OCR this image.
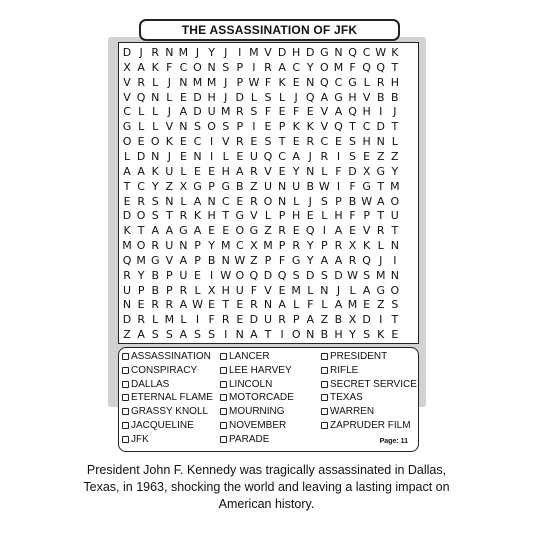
D J R N M J Y J I M V D H D G N Q C W K
X A K F C O N S P I R A C Y O M F Q Q T
V R L J N M M J P W F K E N Q C G L R H
V Q N L E D H J D L S L J Q A G H V B B
C L L J A D U M R S F E F E V A Q H I J
G L L V N S O S P I E P K K V Q T C D T
O E O K E C I V R E S T E R C E S H N L
L D N J E N I L E U Q C A J R I S E Z Z
A A K U L E E H A R V E Y N L F D X G Y
T C Y Z X G P G B Z U N U B W I F G T M
E R S N L A N C E R O N L J S P B W A O
D O S T R K H T G V L P H E L H F P T U
K T A A G A E E O G Z R E Q I A E V R T
M O R U N P Y M C X M P R Y P R X K L N
Q M G V A P B N W Z P F G Y A A R Q J I
R Y B P U E I W O Q D Q S D S D W S M N
U P B P R L X H U F V E M L N J L A G O
N E R R A W E T E R N A L F L A M E Z S
D R L M L I F R E D U R P A Z B X D I T
Z A S S A S S I N A T I O N B H Y S K E
THE ASSASSINATION OF JFK
Page: 11
ASSASSINATION
CONSPIRACY
DALLAS
ETERNAL FLAME
GRASSY KNOLL
JACQUELINE
JFK
LANCER
LEE HARVEY
LINCOLN
MOTORCADE
MOURNING
NOVEMBER
PARADE
PRESIDENT
RIFLE
SECRET SERVICE
TEXAS
WARREN
ZAPRUDER FILM
President John F. Kennedy was tragically assassinated in Dallas, Texas, in 1963, shocking the world and leaving a lasting impact on American history.
